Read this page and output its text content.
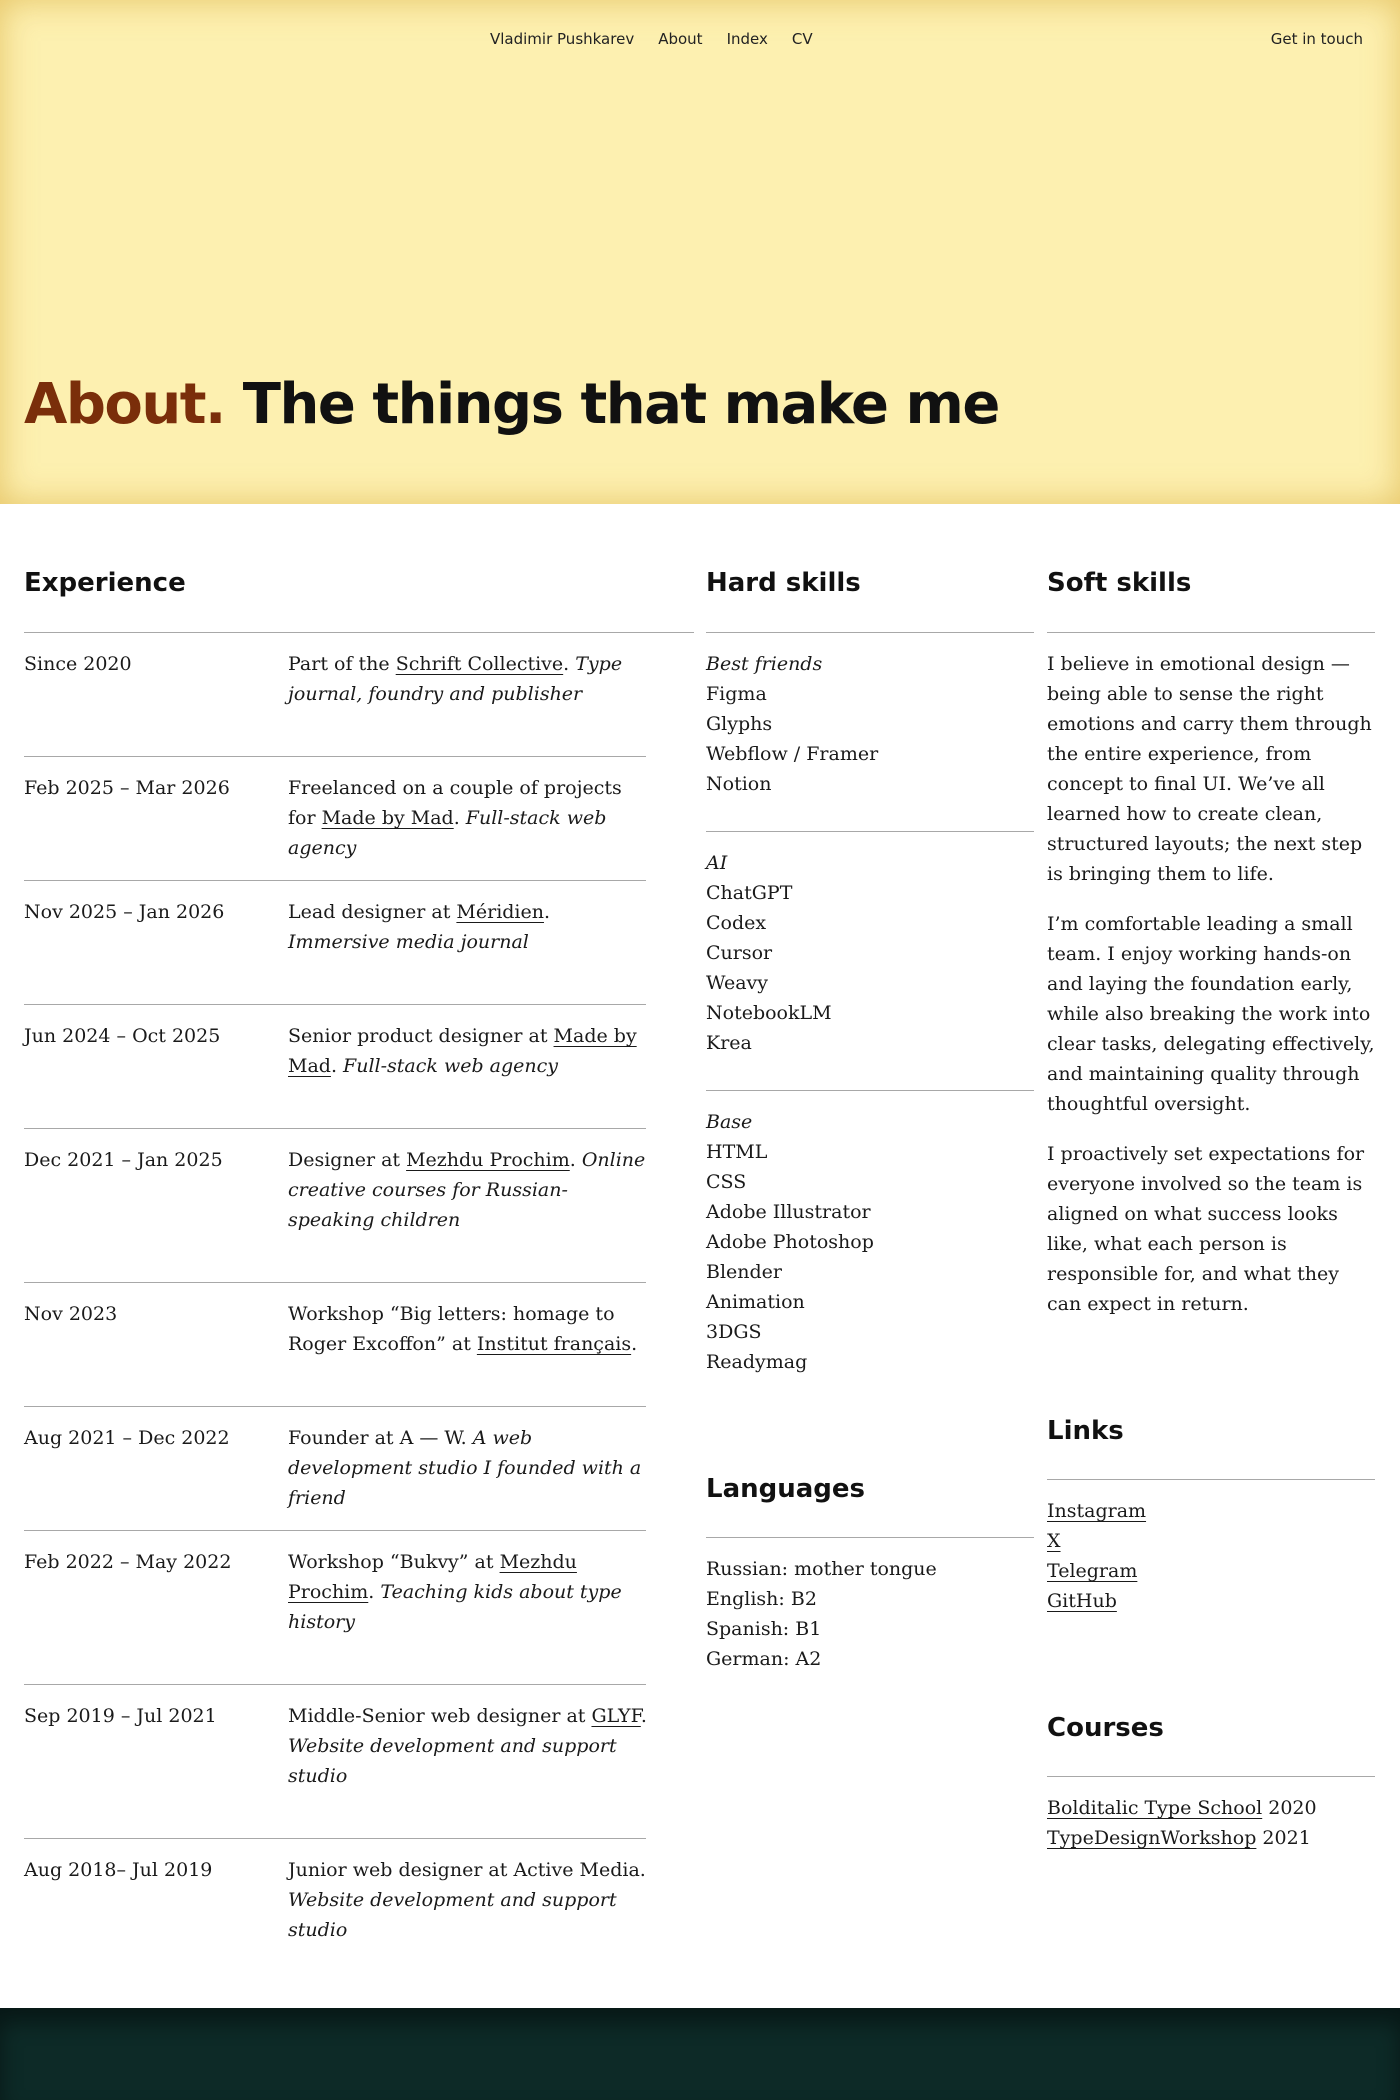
Vladimir Pushkarev About Index CV	Get in touch
About. The things that make me
Experience
Since 2020	Part of the Schrift Collective. Type journal, foundry and publisher
Feb 2025 – Mar 2026	Freelanced on a couple of projects for Made by Mad. Full-stack web agency
Nov 2025 – Jan 2026	Lead designer at Méridien. Immersive media journal
Jun 2024 – Oct 2025	Senior product designer at Made by Mad. Full-stack web agency
Dec 2021 – Jan 2025	Designer at Mezhdu Prochim. Online creative courses for Russian-speaking children
Nov 2023	Workshop “Big letters: homage to Roger Excoffon” at Institut français.
Aug 2021 – Dec 2022	Founder at A — W. A web development studio I founded with a friend
Feb 2022 – May 2022	Workshop “Bukvy” at Mezhdu Prochim. Teaching kids about type history
Sep 2019 – Jul 2021	Middle-Senior web designer at GLYF. Website development and support studio
Aug 2018– Jul 2019	Junior web designer at Active Media. Website development and support studio
Hard skills
Best friends
Figma
Glyphs
Webflow / Framer
Notion
AI
ChatGPT
Codex
Cursor
Weavy
NotebookLM
Krea
Base
HTML
CSS
Adobe Illustrator
Adobe Photoshop
Blender
Animation
3DGS
Readymag
Languages
Russian: mother tongue
English: B2
Spanish: B1
German: A2
Soft skills

I believe in emotional design — being able to sense the right emotions and carry them through the entire experience, from concept to final UI. We’ve all learned how to create clean, structured layouts; the next step is bringing them to life.

I’m comfortable leading a small team. I enjoy working hands-on and laying the foundation early, while also breaking the work into clear tasks, delegating effectively, and maintaining quality through thoughtful oversight.

I proactively set expectations for everyone involved so the team is aligned on what success looks like, what each person is responsible for, and what they can expect in return.

Links
Instagram
X
Telegram
GitHub
Courses
Bolditalic Type School 2020
TypeDesignWorkshop 2021
